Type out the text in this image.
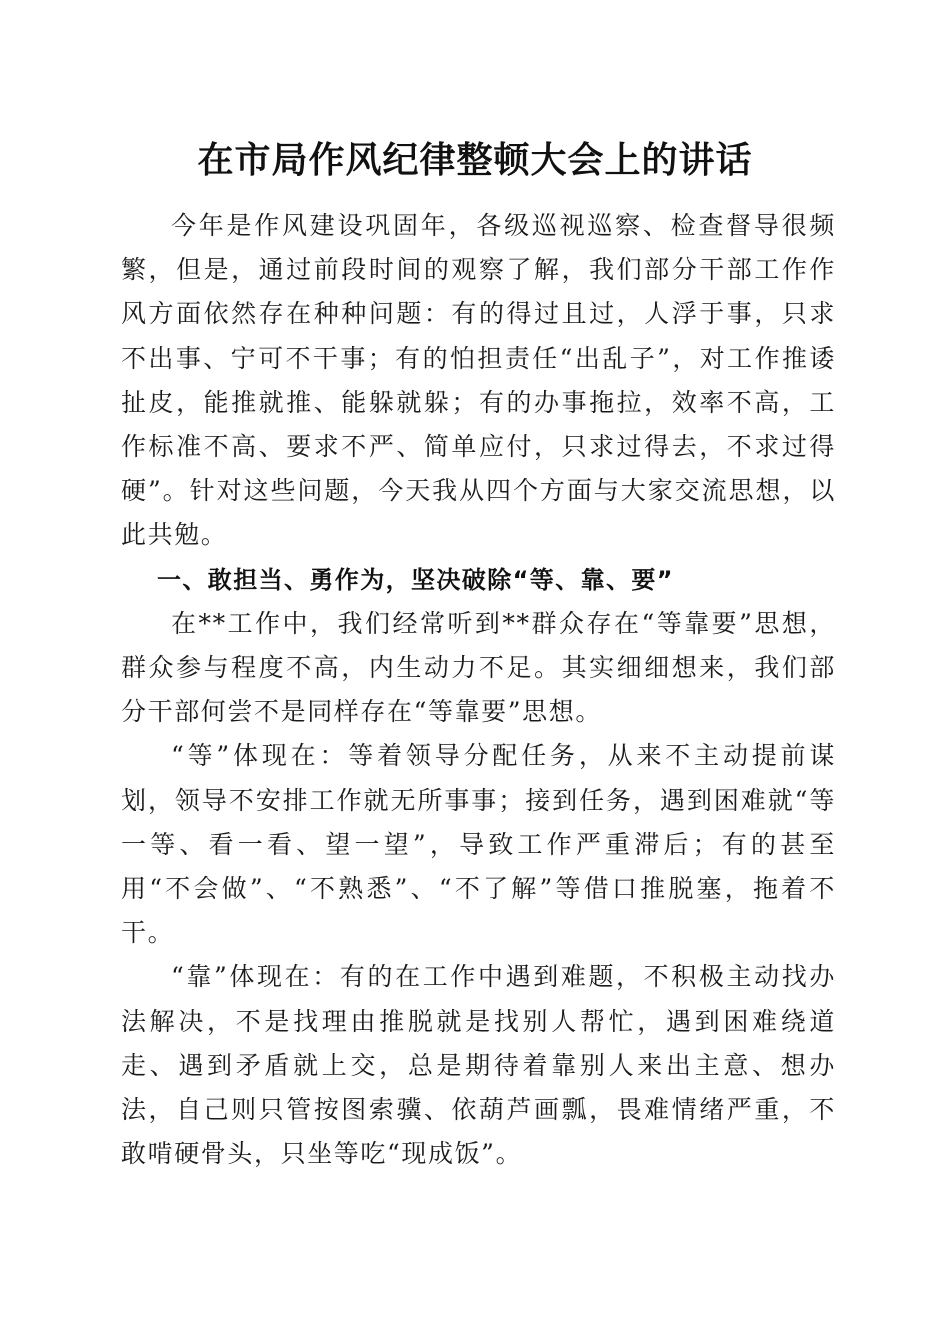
在市局作风纪律整顿大会上的讲话

今年是作风建设巩固年，各级巡视巡察、检查督导很频繁，但是，通过前段时间的观察了解，我们部分干部工作作风方面依然存在种种问题：有的得过且过，人浮于事，只求不出事、宁可不干事；有的怕担责任“出乱子”，对工作推诿扯皮，能推就推、能躲就躲；有的办事拖拉，效率不高，工作标准不高、要求不严、简单应付，只求过得去，不求过得硬”。针对这些问题，今天我从四个方面与大家交流思想，以此共勉。

一、敢担当、勇作为，坚决破除“等、靠、要”

在**工作中，我们经常听到**群众存在“等靠要”思想，群众参与程度不高，内生动力不足。其实细细想来，我们部分干部何尝不是同样存在“等靠要”思想。

“等”体现在：等着领导分配任务，从来不主动提前谋划，领导不安排工作就无所事事；接到任务，遇到困难就“等一等、看一看、望一望”，导致工作严重滞后；有的甚至用“不会做”、“不熟悉”、“不了解”等借口推脱塞，拖着不干。

“靠”体现在：有的在工作中遇到难题，不积极主动找办法解决，不是找理由推脱就是找别人帮忙，遇到困难绕道走、遇到矛盾就上交，总是期待着靠别人来出主意、想办法，自己则只管按图索骥、依葫芦画瓢，畏难情绪严重，不敢啃硬骨头，只坐等吃“现成饭”。
